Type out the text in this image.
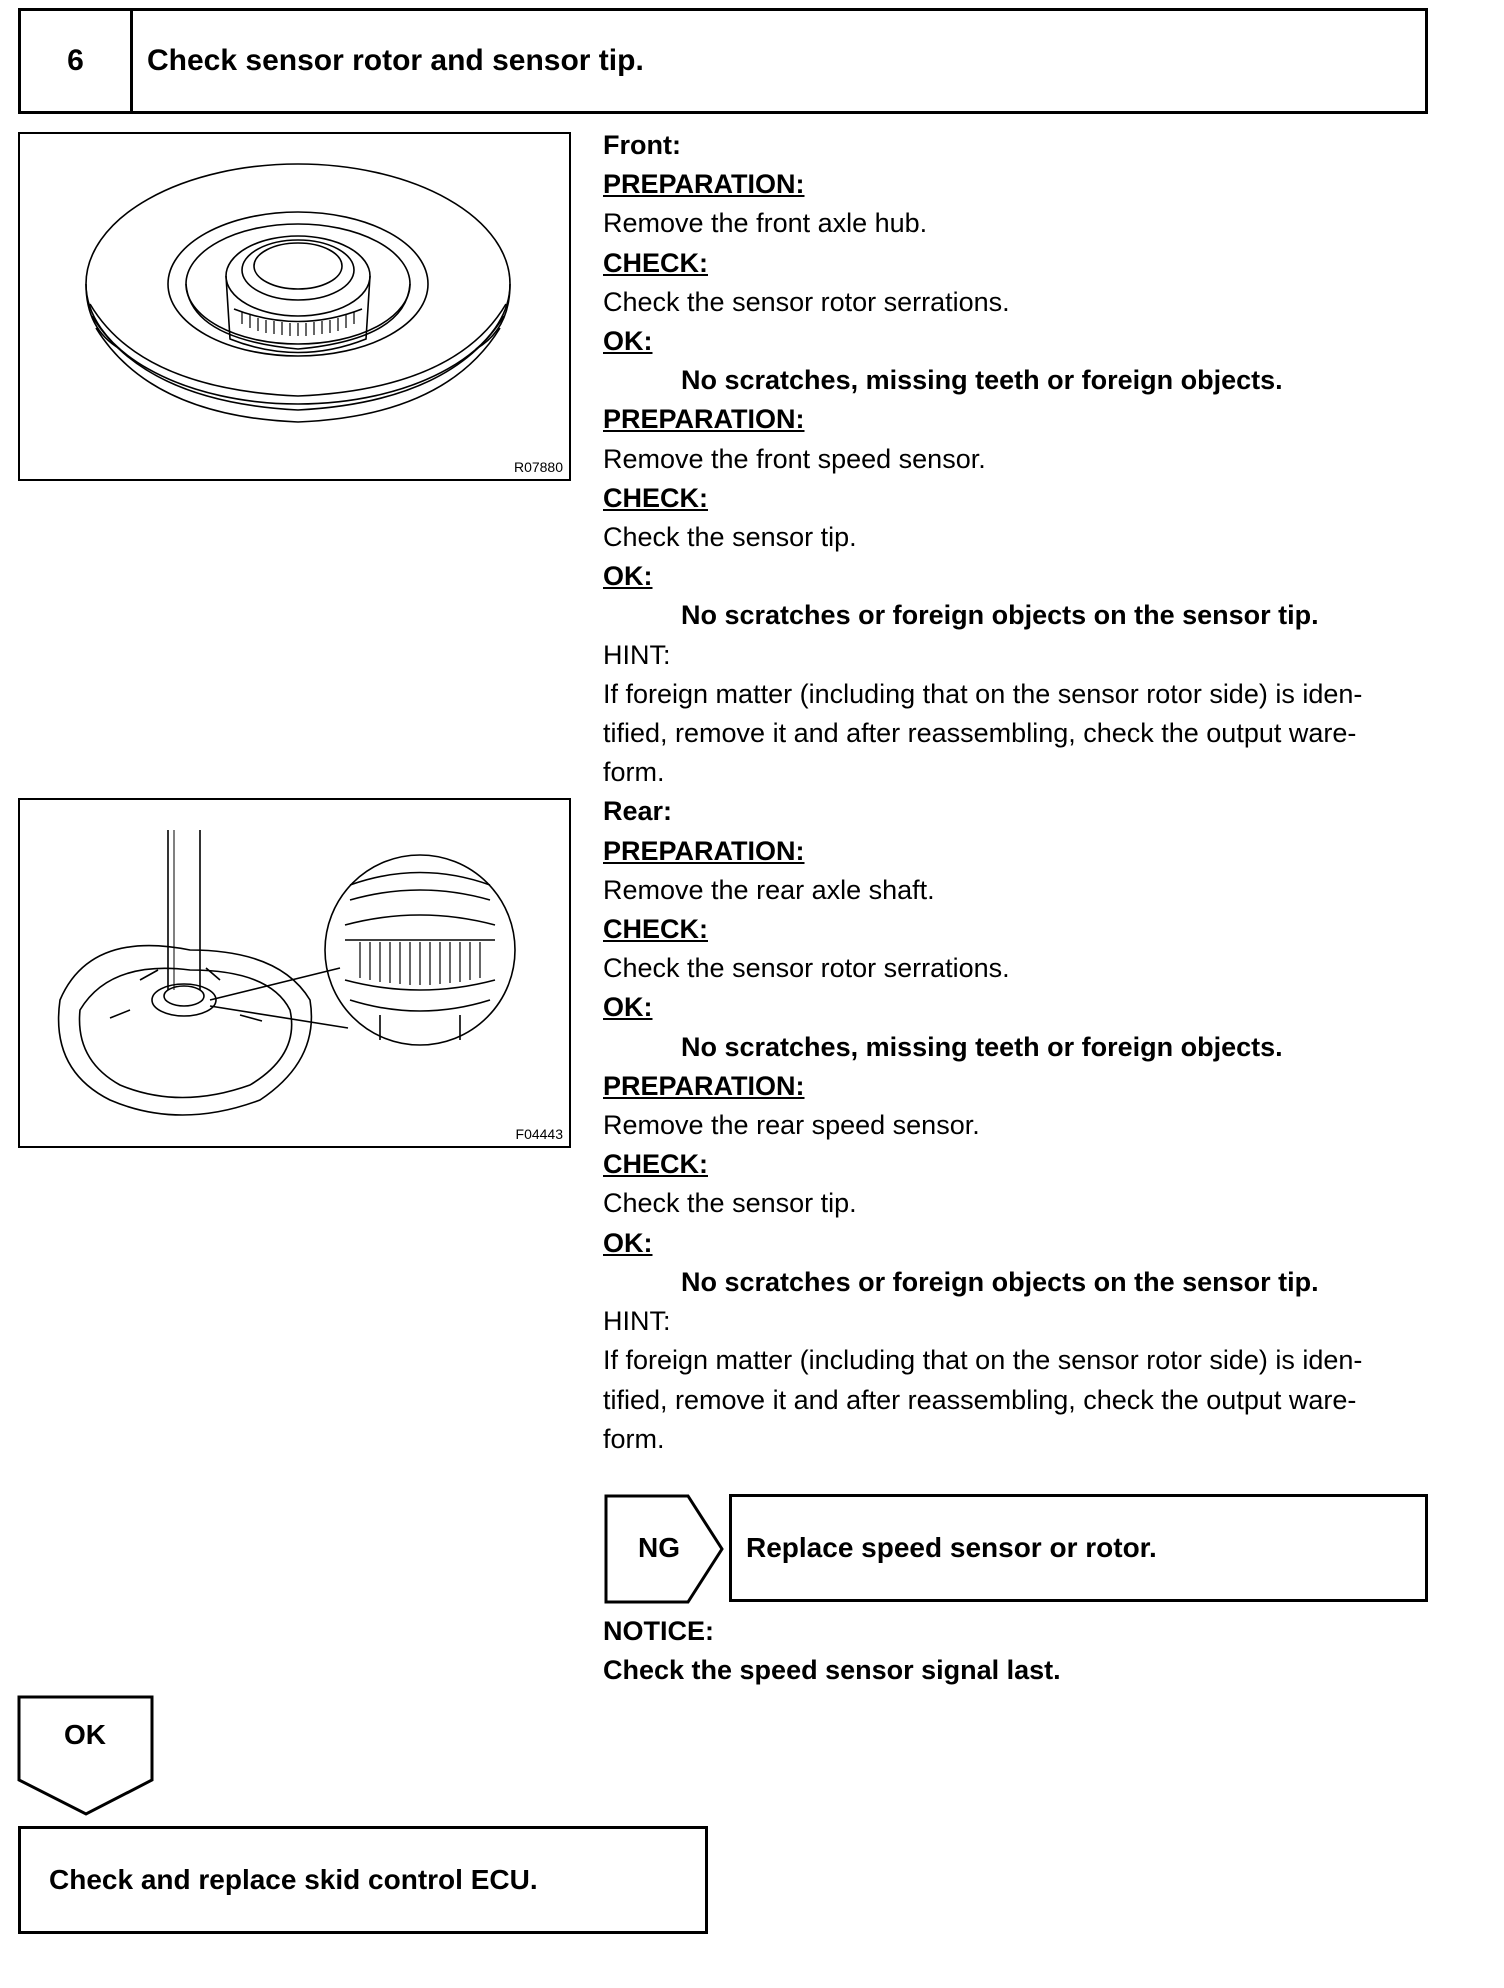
6	Check sensor rotor and sensor tip.
R07880
F04443

Front:

PREPARATION:

Remove the front axle hub.

CHECK:

Check the sensor rotor serrations.

OK:

No scratches, missing teeth or foreign objects.

PREPARATION:

Remove the front speed sensor.

CHECK:

Check the sensor tip.

OK:

No scratches or foreign objects on the sensor tip.

HINT:

If foreign matter (including that on the sensor rotor side) is iden-

tified, remove it and after reassembling, check the output ware-

form.

Rear:

PREPARATION:

Remove the rear axle shaft.

CHECK:

Check the sensor rotor serrations.

OK:

No scratches, missing teeth or foreign objects.

PREPARATION:

Remove the rear speed sensor.

CHECK:

Check the sensor tip.

OK:

No scratches or foreign objects on the sensor tip.

HINT:

If foreign matter (including that on the sensor rotor side) is iden-

tified, remove it and after reassembling, check the output ware-

form.

NG	Replace speed sensor or rotor.

NOTICE:

Check the speed sensor signal last.

OK
Check and replace skid control ECU.
